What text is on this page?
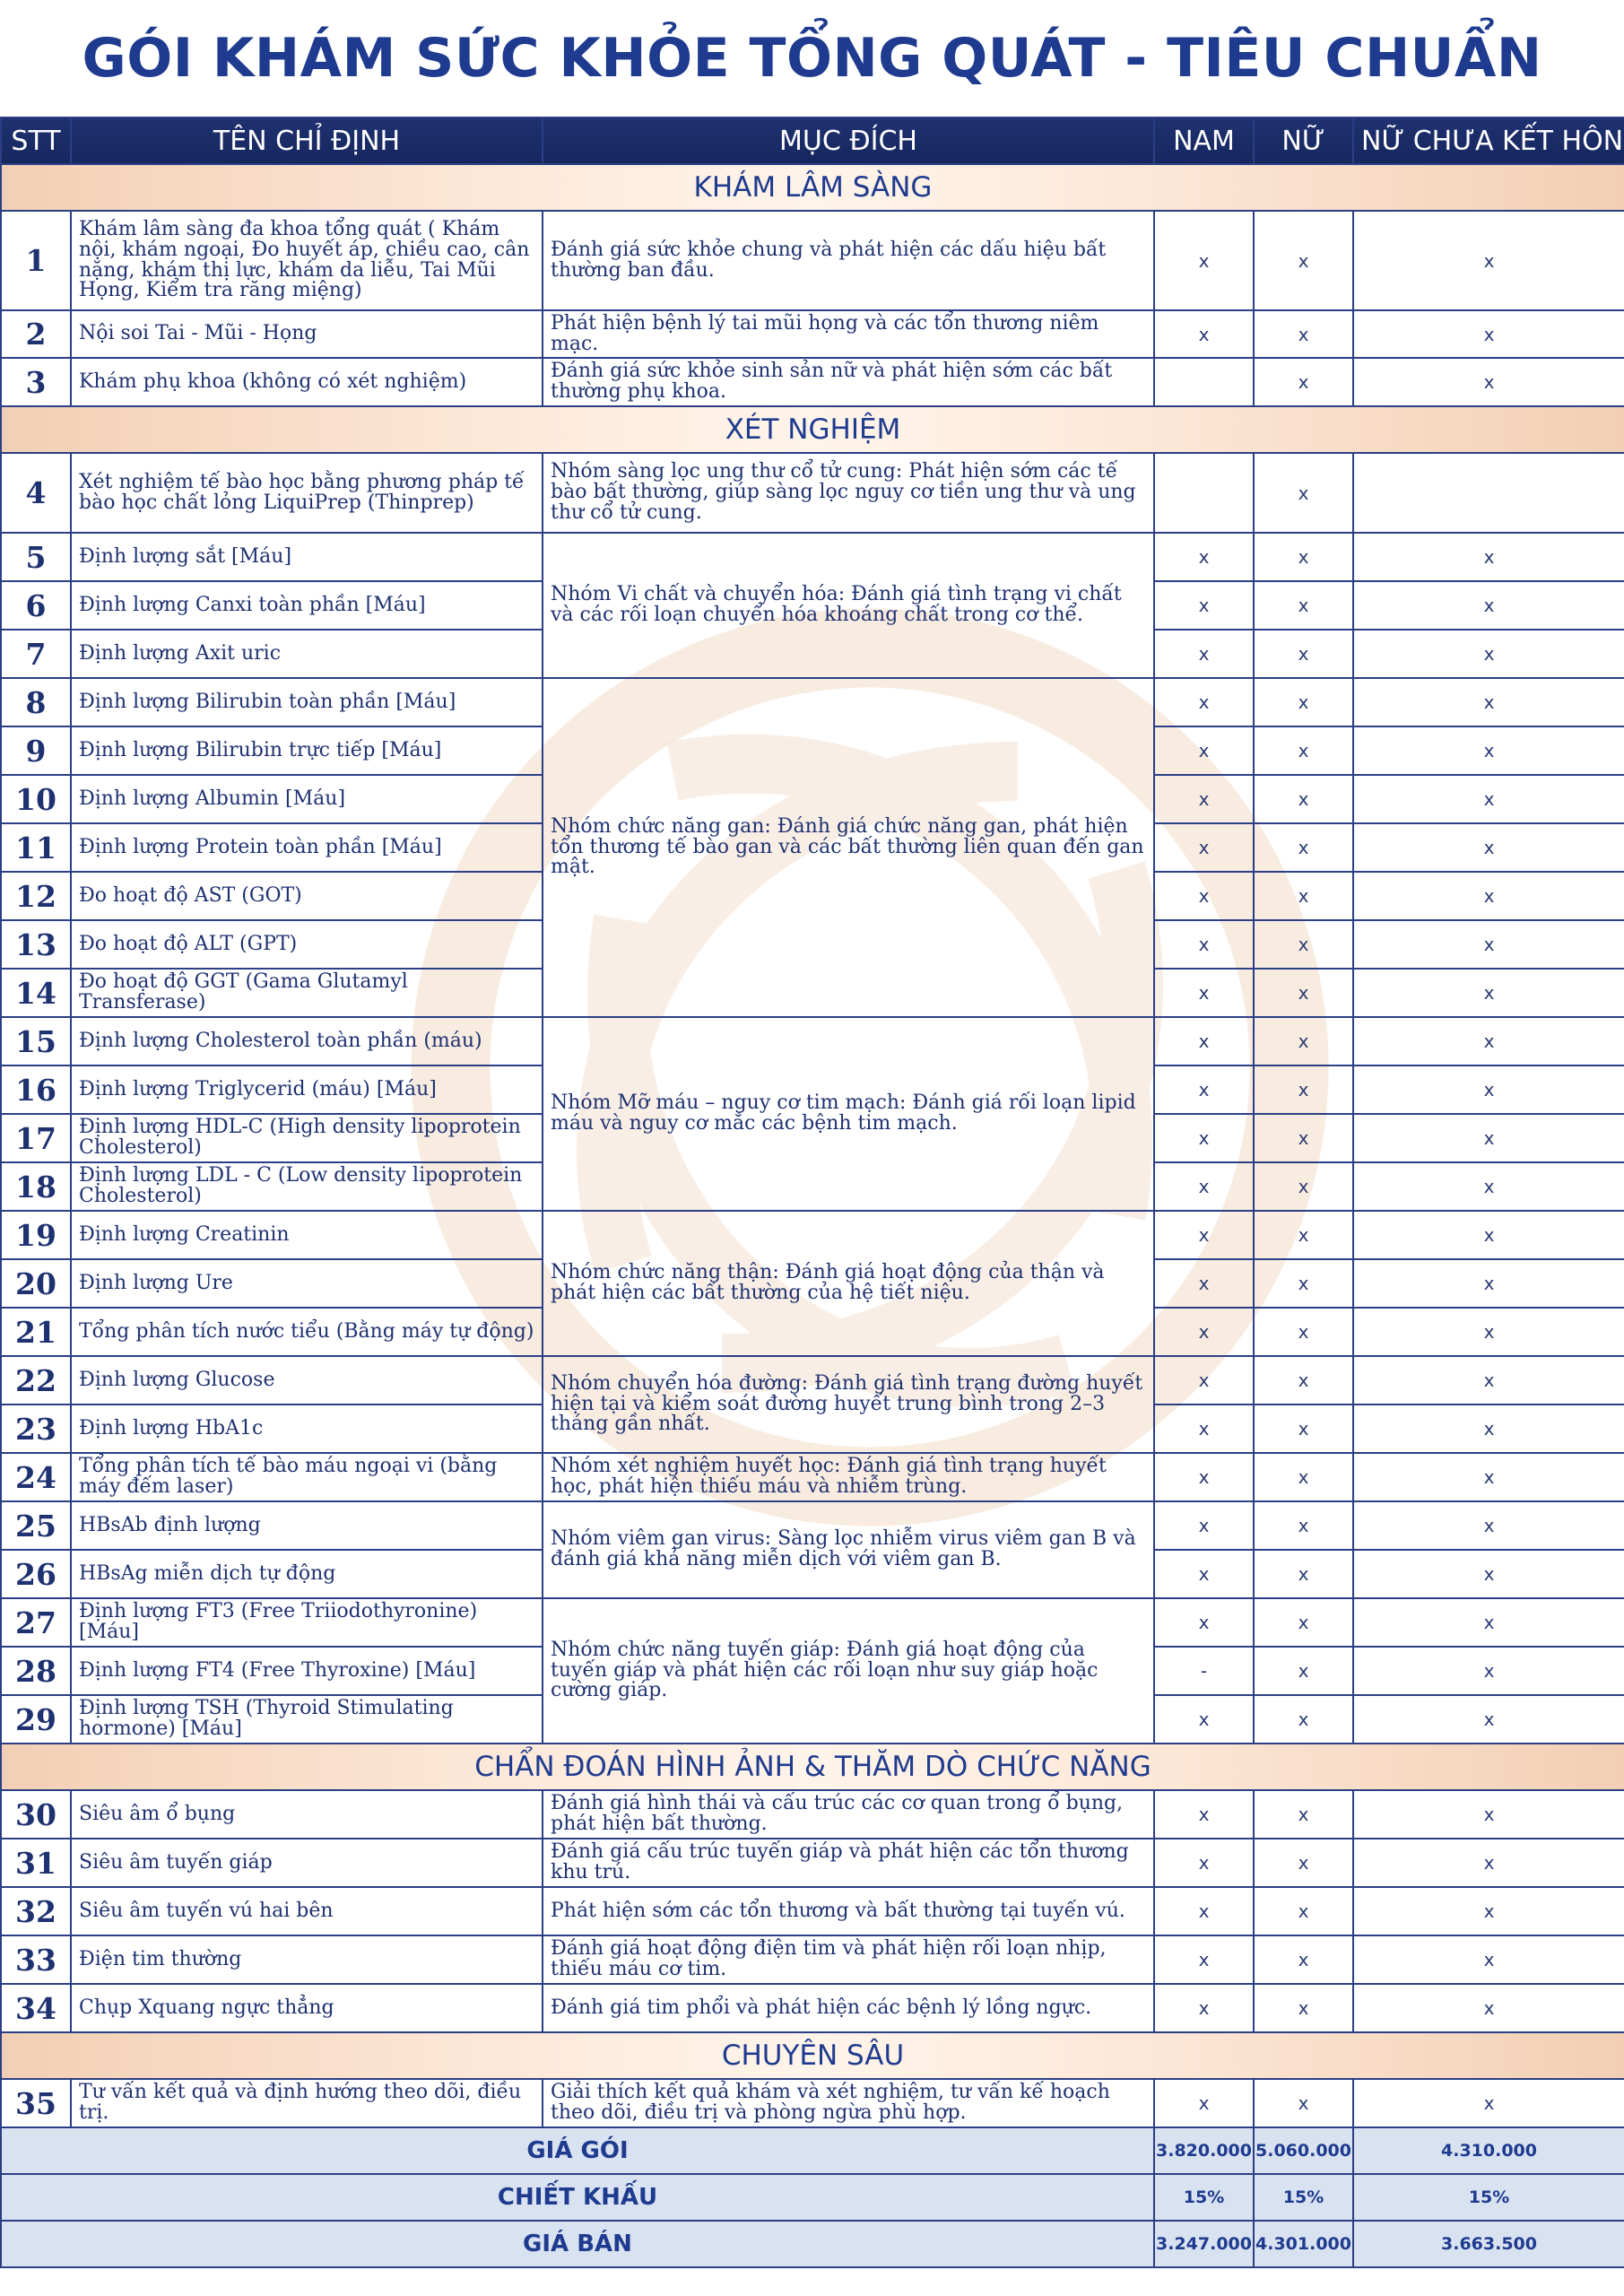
GÓI KHÁM SỨC KHỎE TỔNG QUÁT - TIÊU CHUẨN
STT	TÊN CHỈ ĐỊNH	MỤC ĐÍCH	NAM	NỮ	NỮ CHƯA KẾT HÔN
KHÁM LÂM SÀNG					
1	Khám lâm sàng đa khoa tổng quát ( Khám nội, khám ngoại, Đo huyết áp, chiều cao, cân nặng, khám thị lực, khám da liễu, Tai Mũi Họng, Kiểm tra răng miệng)	Đánh giá sức khỏe chung và phát hiện các dấu hiệu bất thường ban đầu.	x	x	x
2	Nội soi Tai - Mũi - Họng	Phát hiện bệnh lý tai mũi họng và các tổn thương niêm mạc.	x	x	x
3	Khám phụ khoa (không có xét nghiệm)	Đánh giá sức khỏe sinh sản nữ và phát hiện sớm các bất thường phụ khoa.		x	x
XÉT NGHIỆM					
4	Xét nghiệm tế bào học bằng phương pháp tế bào học chất lỏng LiquiPrep (Thinprep)	Nhóm sàng lọc ung thư cổ tử cung: Phát hiện sớm các tế bào bất thường, giúp sàng lọc nguy cơ tiền ung thư và ung thư cổ tử cung.		x	
5	Định lượng sắt [Máu]	Nhóm Vi chất và chuyển hóa: Đánh giá tình trạng vi chất và các rối loạn chuyển hóa khoáng chất trong cơ thể.	x	x	x
6	Định lượng Canxi toàn phần [Máu]		x	x	x
7	Định lượng Axit uric		x	x	x
8	Định lượng Bilirubin toàn phần [Máu]	Nhóm chức năng gan: Đánh giá chức năng gan, phát hiện tổn thương tế bào gan và các bất thường liên quan đến gan mật.	x	x	x
9	Định lượng Bilirubin trực tiếp [Máu]		x	x	x
10	Định lượng Albumin [Máu]		x	x	x
11	Định lượng Protein toàn phần [Máu]		x	x	x
12	Đo hoạt độ AST (GOT)		x	x	x
13	Đo hoạt độ ALT (GPT)		x	x	x
14	Đo hoạt độ GGT (Gama Glutamyl Transferase)		x	x	x
15	Định lượng Cholesterol toàn phần (máu)	Nhóm Mỡ máu – nguy cơ tim mạch: Đánh giá rối loạn lipid máu và nguy cơ mắc các bệnh tim mạch.	x	x	x
16	Định lượng Triglycerid (máu) [Máu]		x	x	x
17	Định lượng HDL-C (High density lipoprotein Cholesterol)		x	x	x
18	Định lượng LDL - C (Low density lipoprotein Cholesterol)		x	x	x
19	Định lượng Creatinin	Nhóm chức năng thận: Đánh giá hoạt động của thận và phát hiện các bất thường của hệ tiết niệu.	x	x	x
20	Định lượng Ure		x	x	x
21	Tổng phân tích nước tiểu (Bằng máy tự động)		x	x	x
22	Định lượng Glucose	Nhóm chuyển hóa đường: Đánh giá tình trạng đường huyết hiện tại và kiểm soát đường huyết trung bình trong 2–3 tháng gần nhất.	x	x	x
23	Định lượng HbA1c		x	x	x
24	Tổng phân tích tế bào máu ngoại vi (bằng máy đếm laser)	Nhóm xét nghiệm huyết học: Đánh giá tình trạng huyết học, phát hiện thiếu máu và nhiễm trùng.	x	x	x
25	HBsAb định lượng	Nhóm viêm gan virus: Sàng lọc nhiễm virus viêm gan B và đánh giá khả năng miễn dịch với viêm gan B.	x	x	x
26	HBsAg miễn dịch tự động		x	x	x
27	Định lượng FT3 (Free Triiodothyronine) [Máu]	Nhóm chức năng tuyến giáp: Đánh giá hoạt động của tuyến giáp và phát hiện các rối loạn như suy giáp hoặc cường giáp.	x	x	x
28	Định lượng FT4 (Free Thyroxine) [Máu]		-	x	x
29	Định lượng TSH (Thyroid Stimulating hormone) [Máu]		x	x	x
CHẨN ĐOÁN HÌNH ẢNH & THĂM DÒ CHỨC NĂNG					
30	Siêu âm ổ bụng	Đánh giá hình thái và cấu trúc các cơ quan trong ổ bụng, phát hiện bất thường.	x	x	x
31	Siêu âm tuyến giáp	Đánh giá cấu trúc tuyến giáp và phát hiện các tổn thương khu trú.	x	x	x
32	Siêu âm tuyến vú hai bên	Phát hiện sớm các tổn thương và bất thường tại tuyến vú.	x	x	x
33	Điện tim thường	Đánh giá hoạt động điện tim và phát hiện rối loạn nhịp, thiếu máu cơ tim.	x	x	x
34	Chụp Xquang ngực thẳng	Đánh giá tim phổi và phát hiện các bệnh lý lồng ngực.	x	x	x
CHUYÊN SÂU					
35	Tư vấn kết quả và định hướng theo dõi, điều trị.	Giải thích kết quả khám và xét nghiệm, tư vấn kế hoạch theo dõi, điều trị và phòng ngừa phù hợp.	x	x	x
GIÁ GÓI			3.820.000	5.060.000	4.310.000
CHIẾT KHẤU			15%	15%	15%
GIÁ BÁN			3.247.000	4.301.000	3.663.500
